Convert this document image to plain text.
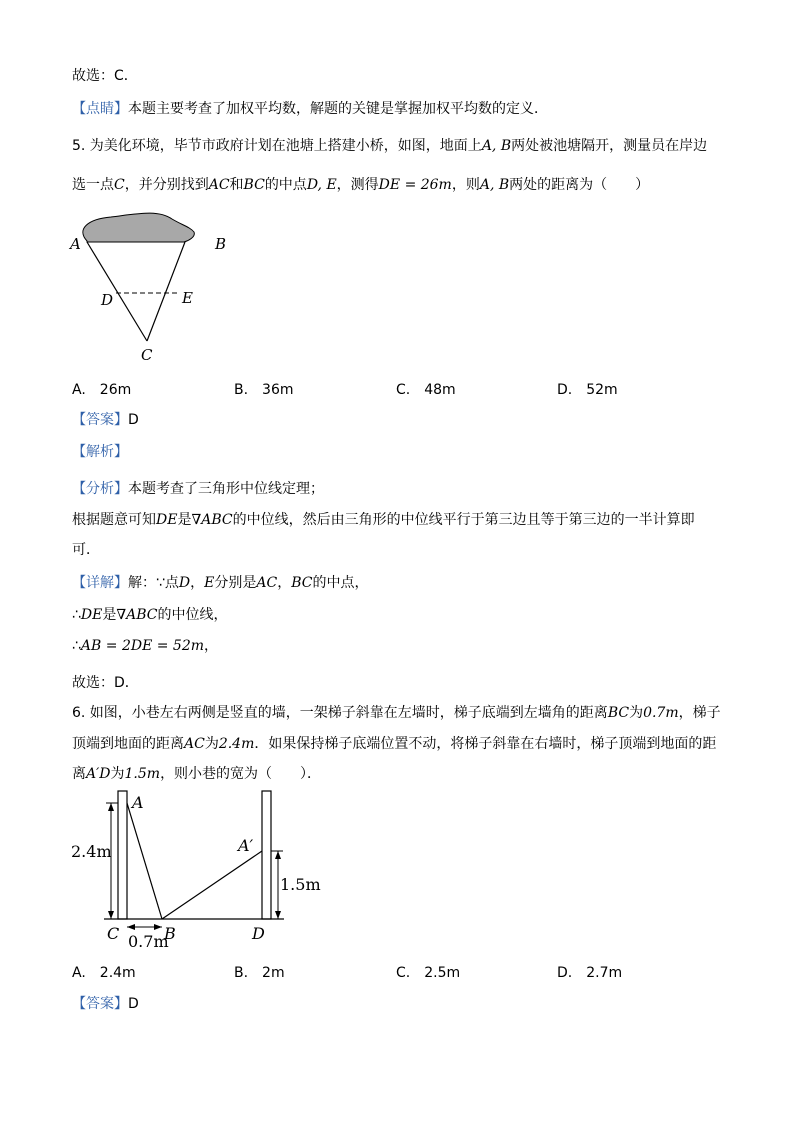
故选：C．
【点睛】本题主要考查了加权平均数，解题的关键是掌握加权平均数的定义．
5. 为美化环境，毕节市政府计划在池塘上搭建小桥，如图，地面上A, B两处被池塘隔开，测量员在岸边
选一点C，并分别找到AC和BC的中点D, E，测得DE = 26m，则A, B两处的距离为（　　）
A	B
D	E
C
A.　26m	B.　36m	C.　48m	D.　52m
【答案】D
【解析】
【分析】本题考查了三角形中位线定理；
根据题意可知DE是∇ABC的中位线，然后由三角形的中位线平行于第三边且等于第三边的一半计算即
可．
【详解】解：∵点D，E分别是AC，BC的中点，
∴DE是∇ABC的中位线，
∴AB = 2DE = 52m，
故选：D．
6. 如图，小巷左右两侧是竖直的墙，一架梯子斜靠在左墙时，梯子底端到左墙角的距离BC为0.7m，梯子
顶端到地面的距离AC为2.4m．如果保持梯子底端位置不动，将梯子斜靠在右墙时，梯子顶端到地面的距
离A′D为1.5m，则小巷的宽为（　　）．
A
A′
2.4m
1.5m
C	B	D
0.7m
A.　2.4m	B.　2m	C.　2.5m	D.　2.7m
【答案】D
